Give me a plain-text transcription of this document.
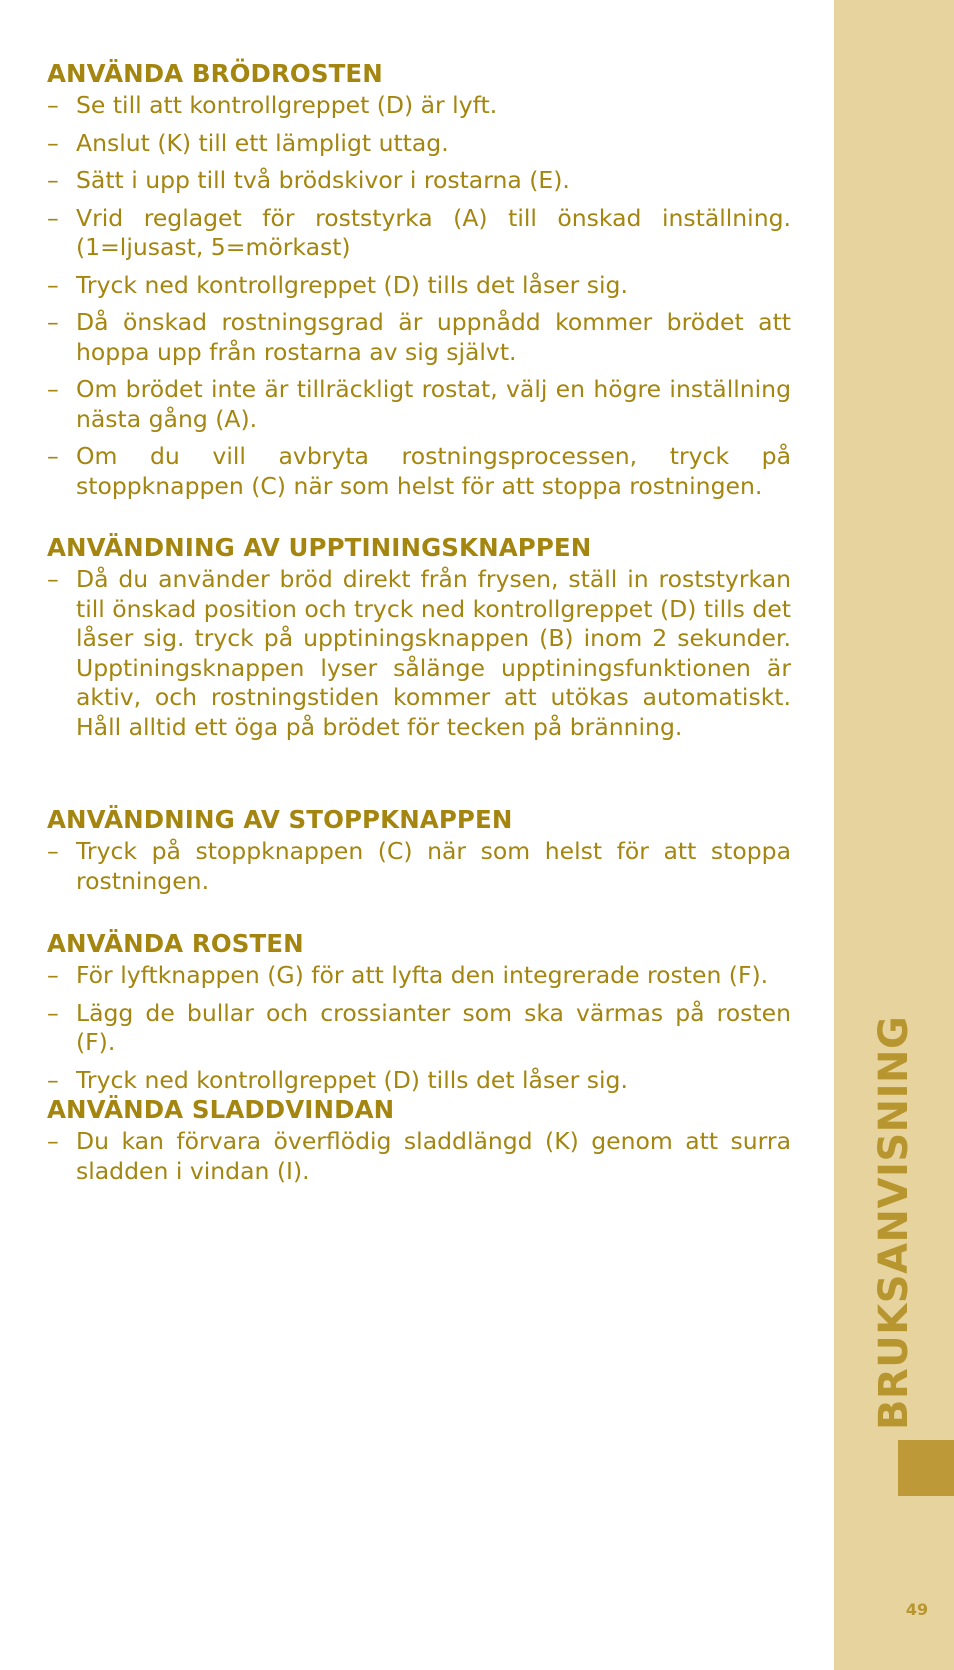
ANVÄNDA BRÖDROSTEN
– Se till att kontrollgreppet (D) är lyft.
– Anslut (K) till ett lämpligt uttag.
– Sätt i upp till två brödskivor i rostarna (E).
– Vrid reglaget för roststyrka (A) till önskad inställning. (1=ljusast, 5=mörkast)
– Tryck ned kontrollgreppet (D) tills det låser sig.
– Då önskad rostningsgrad är uppnådd kommer brödet att hoppa upp från rostarna av sig självt.
– Om brödet inte är tillräckligt rostat, välj en högre inställning nästa gång (A).
– Om du vill avbryta rostningsprocessen, tryck på stoppknappen (C) när som helst för att stoppa rostningen.
ANVÄNDNING AV UPPTININGSKNAPPEN
– Då du använder bröd direkt från frysen, ställ in roststyrkan till önskad position och tryck ned kontrollgreppet (D) tills det låser sig. tryck på upptiningsknappen (B) inom 2 sekunder. Upptiningsknappen lyser sålänge upptiningsfunktionen är aktiv, och rostningstiden kommer att utökas automatiskt. Håll alltid ett öga på brödet för tecken på bränning.
ANVÄNDNING AV STOPPKNAPPEN
– Tryck på stoppknappen (C) när som helst för att stoppa rostningen.
ANVÄNDA ROSTEN
– För lyftknappen (G) för att lyfta den integrerade rosten (F).
– Lägg de bullar och crossianter som ska värmas på rosten (F).
– Tryck ned kontrollgreppet (D) tills det låser sig.
ANVÄNDA SLADDVINDAN
– Du kan förvara överflödig sladdlängd (K) genom att surra sladden i vindan (I).	BRUKSANVISNING
49
